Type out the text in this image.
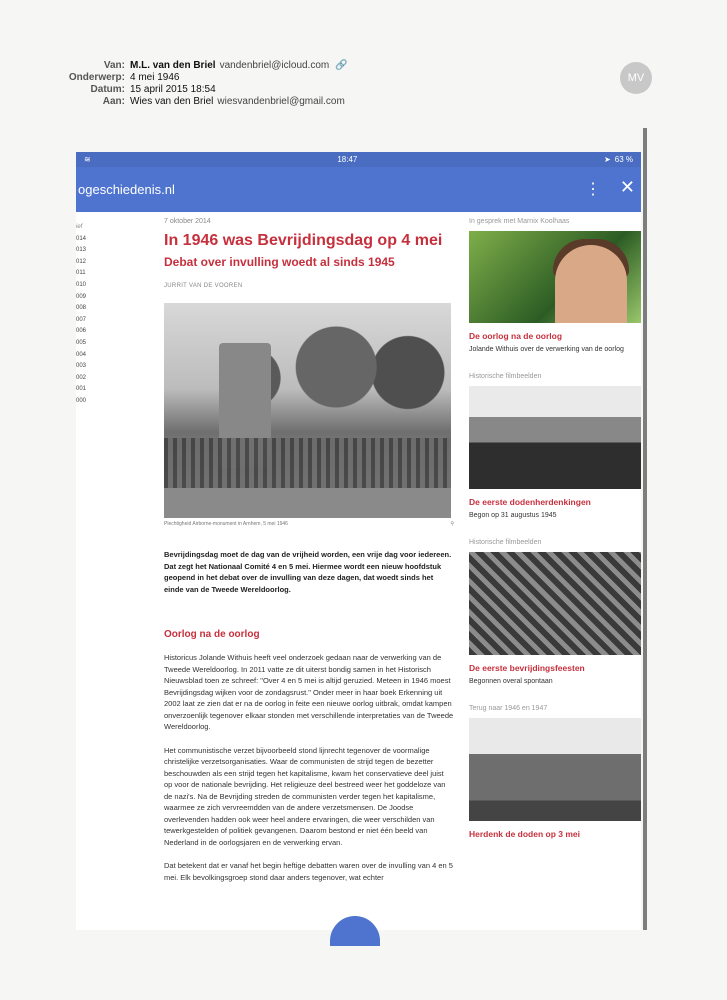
Van: M.L. van den Briel vandenbriel@icloud.com 🔗
Onderwerp: 4 mei 1946
Datum: 15 april 2015 18:54
Aan: Wies van den Briel wiesvandenbriel@gmail.com
MV
≋	18:47	➤ 63 %
ogeschiedenis.nl	⋮ ✕
ief
014
013
012
011
010
009
008
007
006
005
004
003
002
001
000
7 oktober 2014
In 1946 was Bevrijdingsdag op 4 mei
Debat over invulling woedt al sinds 1945
JURRIT VAN DE VOOREN
Plechtigheid Airborne-monument in Arnhem, 5 mei 1946	⚲
Bevrijdingsdag moet de dag van de vrijheid worden, een vrije dag voor iedereen. Dat zegt het Nationaal Comité 4 en 5 mei. Hiermee wordt een nieuw hoofdstuk geopend in het debat over de invulling van deze dagen, dat woedt sinds het einde van de Tweede Wereldoorlog.
Oorlog na de oorlog
Historicus Jolande Withuis heeft veel onderzoek gedaan naar de verwerking van de Tweede Wereldoorlog. In 2011 vatte ze dit uiterst bondig samen in het Historisch Nieuwsblad toen ze schreef: "Over 4 en 5 mei is altijd geruzied. Meteen in 1946 moest Bevrijdingsdag wijken voor de zondagsrust." Onder meer in haar boek Erkenning uit 2002 laat ze zien dat er na de oorlog in feite een nieuwe oorlog uitbrak, omdat kampen onverzoenlijk tegenover elkaar stonden met verschillende interpretaties van de Tweede Wereldoorlog.
Het communistische verzet bijvoorbeeld stond lijnrecht tegenover de voormalige christelijke verzetsorganisaties. Waar de communisten de strijd tegen de bezetter beschouwden als een strijd tegen het kapitalisme, kwam het conservatieve deel juist op voor de nationale bevrijding. Het religieuze deel bestreed weer het goddeloze van de nazi's. Na de Bevrijding streden de communisten verder tegen het kapitalisme, waarmee ze zich vervreemdden van de andere verzetsmensen. De Joodse overlevenden hadden ook weer heel andere ervaringen, die weer verschilden van tewerkgestelden of politiek gevangenen. Daarom bestond er niet één beeld van Nederland in de oorlogsjaren en de verwerking ervan.
Dat betekent dat er vanaf het begin heftige debatten waren over de invulling van 4 en 5 mei. Elk bevolkingsgroep stond daar anders tegenover, wat echter
In gesprek met Marnix Koolhaas
De oorlog na de oorlog
Jolande Withuis over de verwerking van de oorlog
Historische filmbeelden
De eerste dodenherdenkingen
Begon op 31 augustus 1945
Historische filmbeelden
De eerste bevrijdingsfeesten
Begonnen overal spontaan
Terug naar 1946 en 1947
Herdenk de doden op 3 mei
